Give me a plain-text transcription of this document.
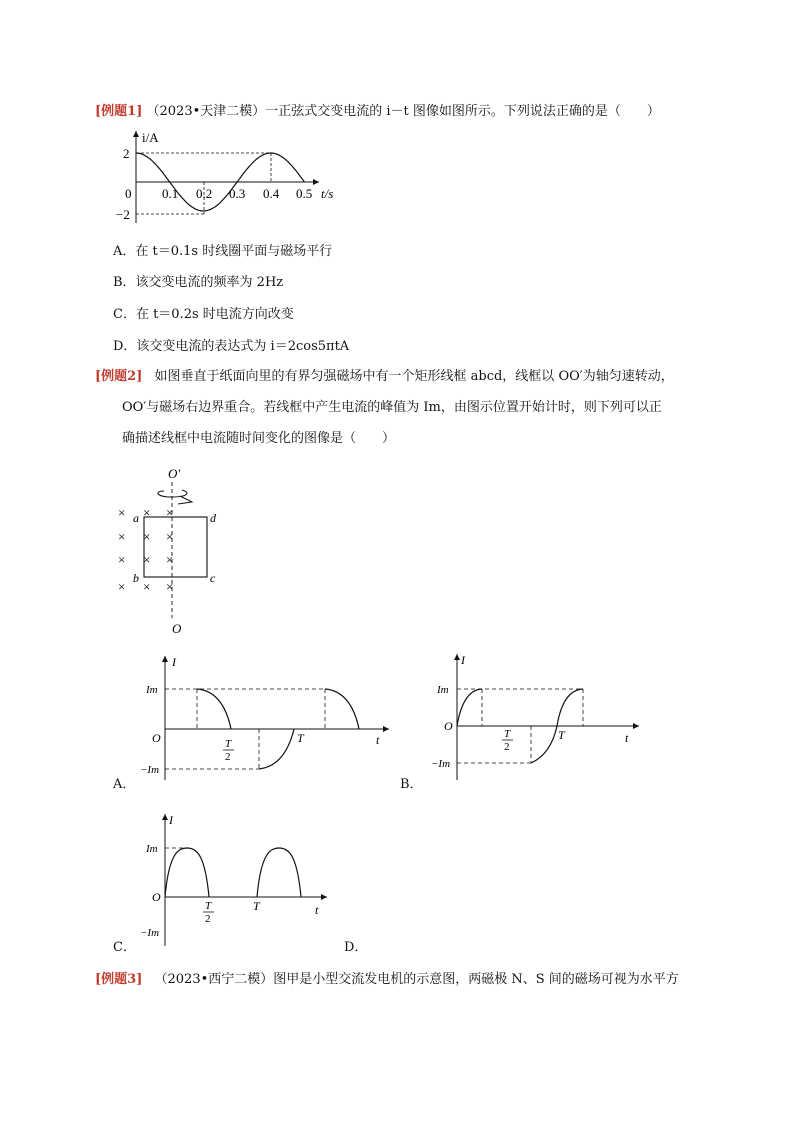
[例题1] （2023•天津二模）一正弦式交变电流的 i－t 图像如图所示。下列说法正确的是（　　）
i/A
2
−2
0 0.1 0.2 0.3 0.4 0.5 t/s
A．在 t＝0.1s 时线圈平面与磁场平行
B．该交变电流的频率为 2Hz
C．在 t＝0.2s 时电流方向改变
D．该交变电流的表达式为 i＝2cos5πtA
[例题2] 如图垂直于纸面向里的有界匀强磁场中有一个矩形线框 abcd，线框以 OO′为轴匀速转动，
OO′与磁场右边界重合。若线框中产生电流的峰值为 Im，由图示位置开始计时，则下列可以正
确描述线框中电流随时间变化的图像是（　　）
O′
O
a
b	c
d
× × ×
× × ×
× × ×
× × ×
I
Im
−Im
O	T
2
T	t
A．
I
Im
−Im
O
T
2
T	t
B．
I
Im
−Im
O
T
2
T	t
C．	D．
[例题3] （2023•西宁二模）图甲是小型交流发电机的示意图，两磁极 N、S 间的磁场可视为水平方
